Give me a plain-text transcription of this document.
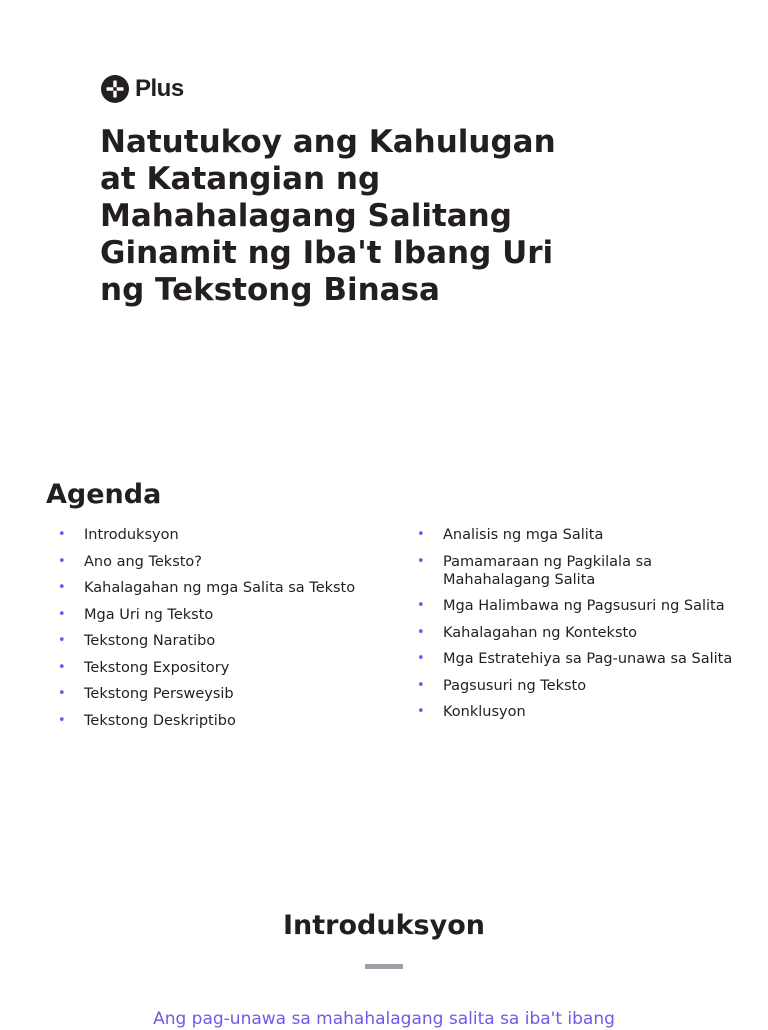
Plus
Natutukoy ang Kahulugan at Katangian ng Mahahalagang Salitang Ginamit ng Iba't Ibang Uri ng Tekstong Binasa
Agenda
• Introduksyon
• Ano ang Teksto?
• Kahalagahan ng mga Salita sa Teksto
• Mga Uri ng Teksto
• Tekstong Naratibo
• Tekstong Expository
• Tekstong Persweysib
• Tekstong Deskriptibo
• Analisis ng mga Salita
• Pamamaraan ng Pagkilala sa Mahahalagang Salita
• Mga Halimbawa ng Pagsusuri ng Salita
• Kahalagahan ng Konteksto
• Mga Estratehiya sa Pag-unawa sa Salita
• Pagsusuri ng Teksto
• Konklusyon
Introduksyon

Ang pag-unawa sa mahahalagang salita sa iba't ibang
